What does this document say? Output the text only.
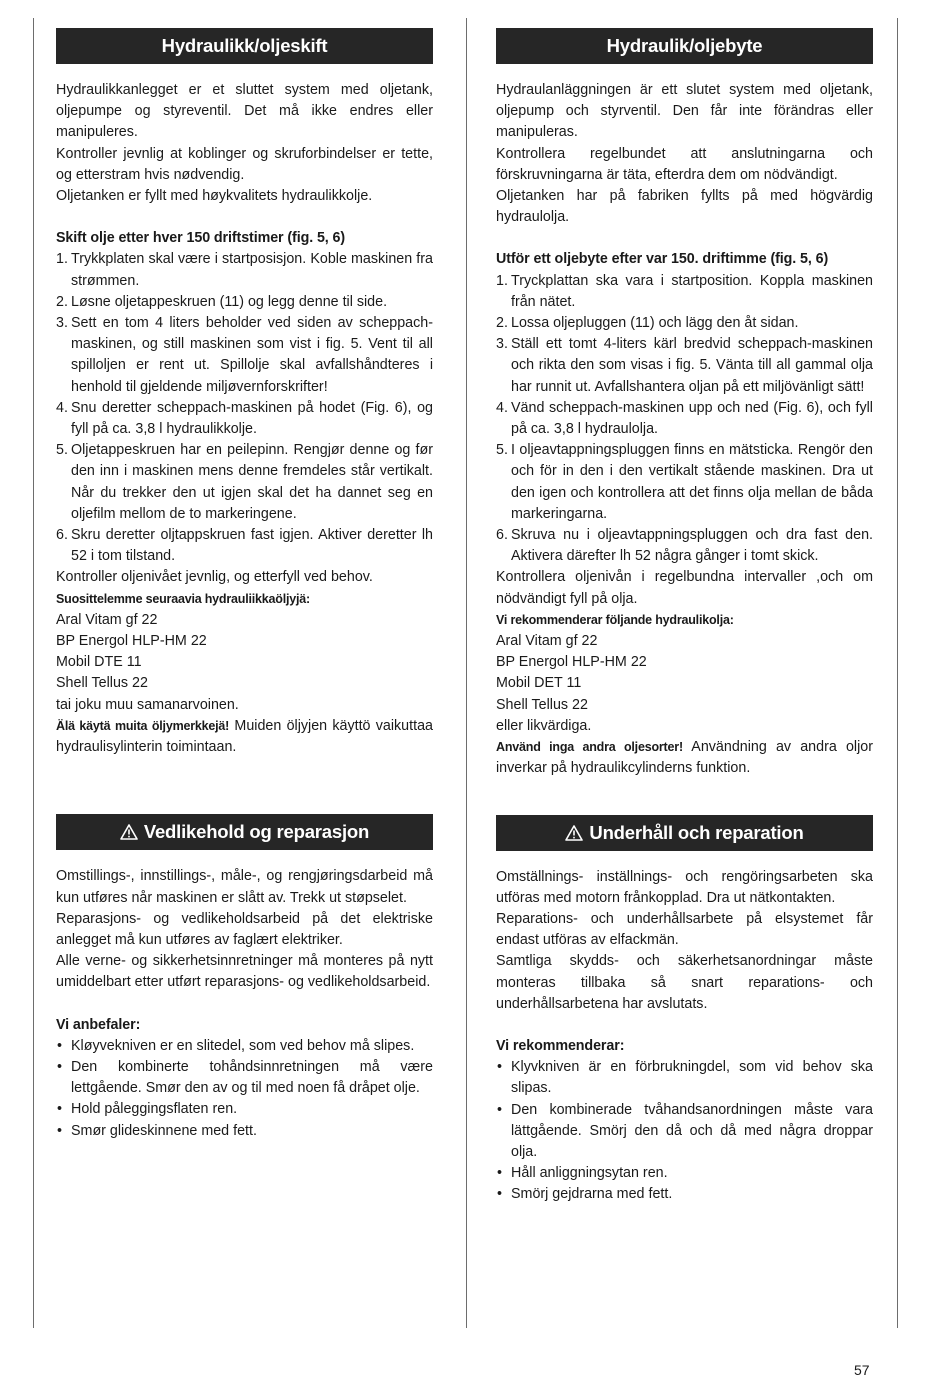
Hydraulikk/oljeskift

Hydraulikkanlegget er et sluttet system med oljetank, oljepumpe og styreventil. Det må ikke endres eller manipuleres.

Kontroller jevnlig at koblinger og skruforbindelser er tette, og etterstram hvis nødvendig.

Oljetanken er fyllt med høykvalitets hydraulikkolje.

Skift olje etter hver 150 driftstimer (fig. 5, 6)

1. Trykkplaten skal være i startposisjon. Koble maskinen fra strømmen.
2. Løsne oljetappeskruen (11) og legg denne til side.
3. Sett en tom 4 liters beholder ved siden av scheppach-maskinen, og still maskinen som vist i fig. 5. Vent til all spilloljen er rent ut. Spillolje skal avfallshåndteres i henhold til gjeldende miljøvernforskrifter!
4. Snu deretter scheppach-maskinen på hodet (Fig. 6), og fyll på ca. 3,8 l hydraulikkolje.
5. Oljetappeskruen har en peilepinn. Rengjør denne og før den inn i maskinen mens denne fremdeles står vertikalt. Når du trekker den ut igjen skal det ha dannet seg en oljefilm mellom de to markeringene.
6. Skru deretter oljtappskruen fast igjen. Aktiver deretter lh 52 i tom tilstand.

Kontroller oljenivået jevnlig, og etterfyll ved behov.

Suosittelemme seuraavia hydrauliikkaöljyjä:

Aral Vitam gf 22

BP Energol HLP-HM 22

Mobil DTE 11

Shell Tellus 22

tai joku muu samanarvoinen.

Älä käytä muita öljymerkkejä! Muiden öljyjen käyttö vaikuttaa hydraulisylinterin toimintaan.

Vedlikehold og reparasjon

Omstillings-, innstillings-, måle-, og rengjøringsdarbeid må kun utføres når maskinen er slått av. Trekk ut støpselet.

Reparasjons- og vedlikeholdsarbeid på det elektriske anlegget må kun utføres av faglært elektriker.

Alle verne- og sikkerhetsinnretninger må monteres på nytt umiddelbart etter utført reparasjons- og vedlikeholdsarbeid.

Vi anbefaler:

• Kløyvekniven er en slitedel, som ved behov må slipes.
• Den kombinerte tohåndsinnretningen må være lettgående. Smør den av og til med noen få dråpet olje.
• Hold påleggingsflaten ren.
• Smør glideskinnene med fett.
Hydraulik/oljebyte

Hydraulanläggningen är ett slutet system med oljetank, oljepump och styrventil. Den får inte förändras eller manipuleras.

Kontrollera regelbundet att anslutningarna och förskruvningarna är täta, efterdra dem om nödvändigt.

Oljetanken har på fabriken fyllts på med högvärdig hydraulolja.

Utför ett oljebyte efter var 150. driftimme (fig. 5, 6)

1. Tryckplattan ska vara i startposition. Koppla maskinen från nätet.
2. Lossa oljepluggen (11) och lägg den åt sidan.
3. Ställ ett tomt 4-liters kärl bredvid scheppach-maskinen och rikta den som visas i fig. 5. Vänta till all gammal olja har runnit ut. Avfallshantera oljan på ett miljövänligt sätt!
4. Vänd scheppach-maskinen upp och ned (Fig. 6), och fyll på ca. 3,8 l hydraulolja.
5. I oljeavtappningspluggen finns en mätsticka. Rengör den och för in den i den vertikalt stående maskinen. Dra ut den igen och kontrollera att det finns olja mellan de båda markeringarna.
6. Skruva nu i oljeavtappningspluggen och dra fast den. Aktivera därefter lh 52 några gånger i tomt skick.

Kontrollera oljenivån i regelbundna intervaller ,och om nödvändigt fyll på olja.

Vi rekommenderar följande hydraulikolja:

Aral Vitam gf 22

BP Energol HLP-HM 22

Mobil DET 11

Shell Tellus 22

eller likvärdiga.

Använd inga andra oljesorter! Användning av andra oljor inverkar på hydraulikcylinderns funktion.

Underhåll och reparation

Omställnings- inställnings- och rengöringsarbeten ska utföras med motorn frånkopplad. Dra ut nätkontakten.

Reparations- och underhållsarbete på elsystemet får endast utföras av elfackmän.

Samtliga skydds- och säkerhetsanordningar måste monteras tillbaka så snart reparations- och underhållsarbetena har avslutats.

Vi rekommenderar:

• Klyvkniven är en förbrukningdel, som vid behov ska slipas.
• Den kombinerade tvåhandsanordningen måste vara lättgående. Smörj den då och då med några droppar olja.
• Håll anliggningsytan ren.
• Smörj gejdrarna med fett.
57
